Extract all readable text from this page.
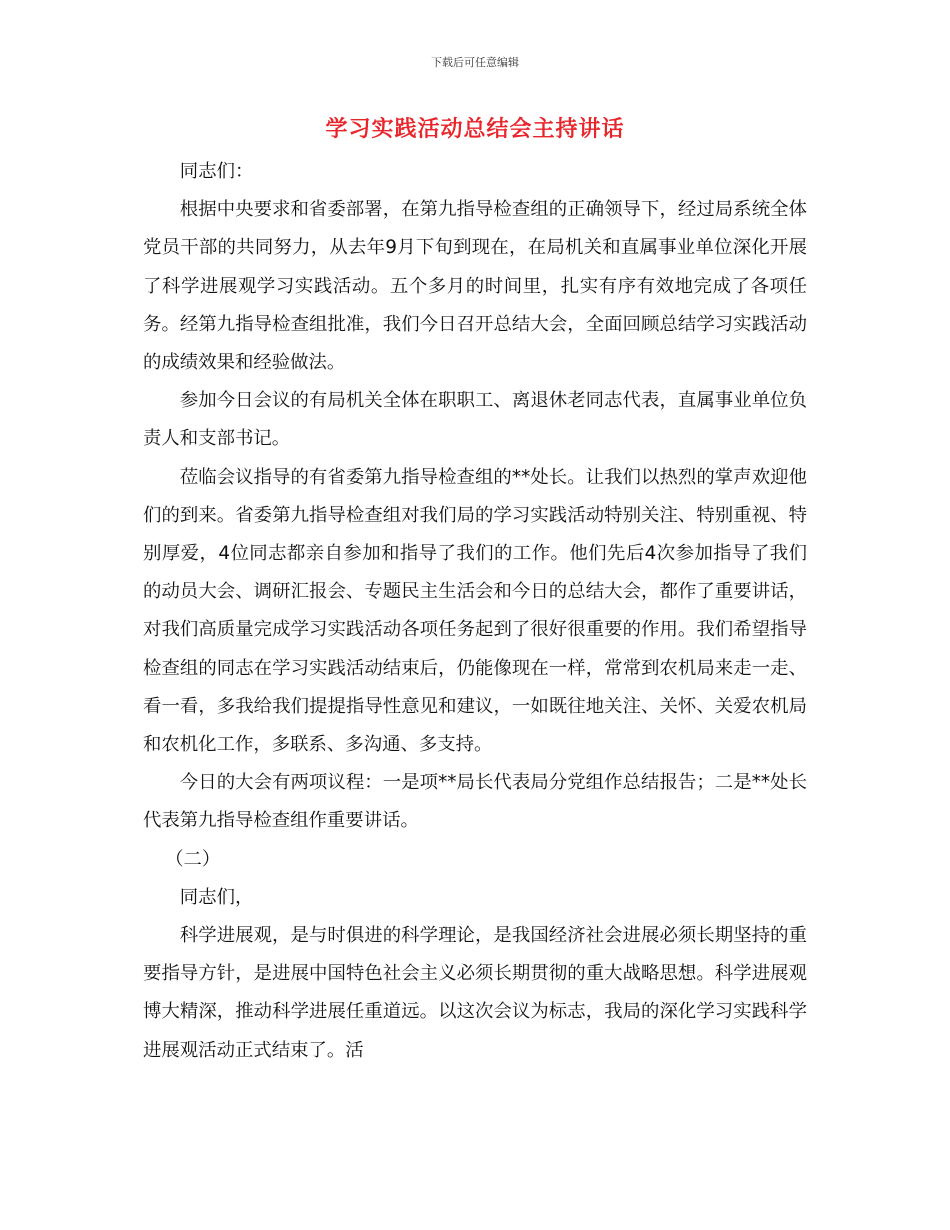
下载后可任意编辑
学习实践活动总结会主持讲话

同志们：

根据中央要求和省委部署，在第九指导检查组的正确领导下，经过局系统全体党员干部的共同努力，从去年9月下旬到现在，在局机关和直属事业单位深化开展了科学进展观学习实践活动。五个多月的时间里，扎实有序有效地完成了各项任务。经第九指导检查组批准，我们今日召开总结大会，全面回顾总结学习实践活动的成绩效果和经验做法。

参加今日会议的有局机关全体在职职工、离退休老同志代表，直属事业单位负责人和支部书记。

莅临会议指导的有省委第九指导检查组的**处长。让我们以热烈的掌声欢迎他们的到来。省委第九指导检查组对我们局的学习实践活动特别关注、特别重视、特别厚爱，4位同志都亲自参加和指导了我们的工作。他们先后4次参加指导了我们的动员大会、调研汇报会、专题民主生活会和今日的总结大会，都作了重要讲话，对我们高质量完成学习实践活动各项任务起到了很好很重要的作用。我们希望指导检查组的同志在学习实践活动结束后，仍能像现在一样，常常到农机局来走一走、看一看，多我给我们提提指导性意见和建议，一如既往地关注、关怀、关爱农机局和农机化工作，多联系、多沟通、多支持。

今日的大会有两项议程：一是项**局长代表局分党组作总结报告；二是**处长代表第九指导检查组作重要讲话。

（二）

同志们，

科学进展观，是与时俱进的科学理论，是我国经济社会进展必须长期坚持的重要指导方针，是进展中国特色社会主义必须长期贯彻的重大战略思想。科学进展观博大精深，推动科学进展任重道远。以这次会议为标志，我局的深化学习实践科学进展观活动正式结束了。活
